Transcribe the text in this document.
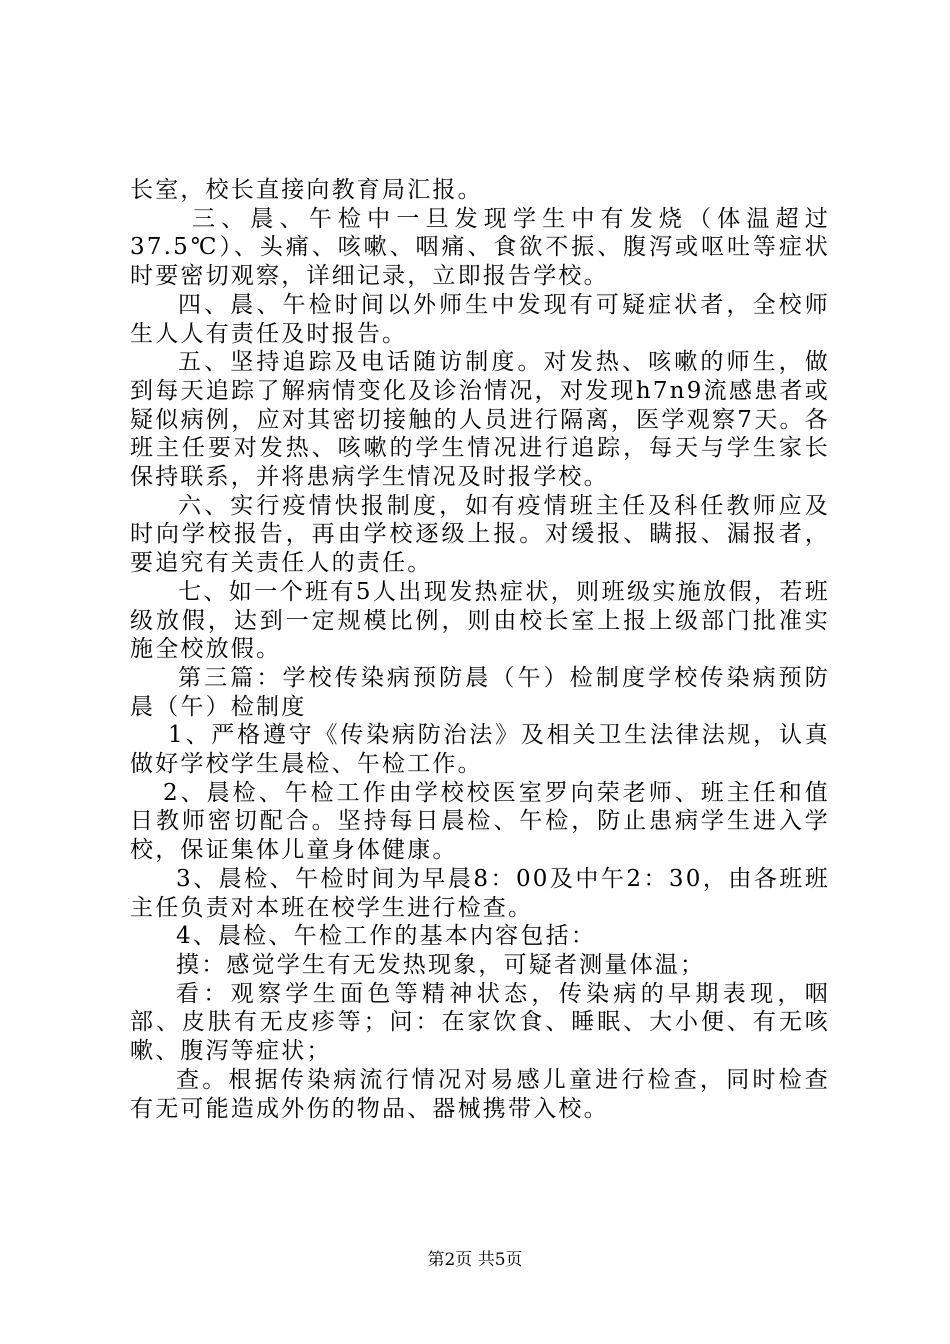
长室，校长直接向教育局汇报。

三、晨、午检中一旦发现学生中有发烧（体温超过37.5℃）、头痛、咳嗽、咽痛、食欲不振、腹泻或呕吐等症状时要密切观察，详细记录，立即报告学校。

四、晨、午检时间以外师生中发现有可疑症状者，全校师生人人有责任及时报告。

五、坚持追踪及电话随访制度。对发热、咳嗽的师生，做到每天追踪了解病情变化及诊治情况，对发现h7n9流感患者或疑似病例，应对其密切接触的人员进行隔离，医学观察7天。各班主任要对发热、咳嗽的学生情况进行追踪，每天与学生家长保持联系，并将患病学生情况及时报学校。

六、实行疫情快报制度，如有疫情班主任及科任教师应及时向学校报告，再由学校逐级上报。对缓报、瞒报、漏报者，要追究有关责任人的责任。

七、如一个班有5人出现发热症状，则班级实施放假，若班级放假，达到一定规模比例，则由校长室上报上级部门批准实施全校放假。

第三篇：学校传染病预防晨（午）检制度学校传染病预防晨（午）检制度

1、严格遵守《传染病防治法》及相关卫生法律法规，认真做好学校学生晨检、午检工作。

2、晨检、午检工作由学校校医室罗向荣老师、班主任和值日教师密切配合。坚持每日晨检、午检，防止患病学生进入学校，保证集体儿童身体健康。

3、晨检、午检时间为早晨8：00及中午2：30，由各班班主任负责对本班在校学生进行检查。

4、晨检、午检工作的基本内容包括：

摸：感觉学生有无发热现象，可疑者测量体温；

看：观察学生面色等精神状态，传染病的早期表现，咽部、皮肤有无皮疹等；问：在家饮食、睡眠、大小便、有无咳嗽、腹泻等症状；

查。根据传染病流行情况对易感儿童进行检查，同时检查有无可能造成外伤的物品、器械携带入校。

第2页 共5页
